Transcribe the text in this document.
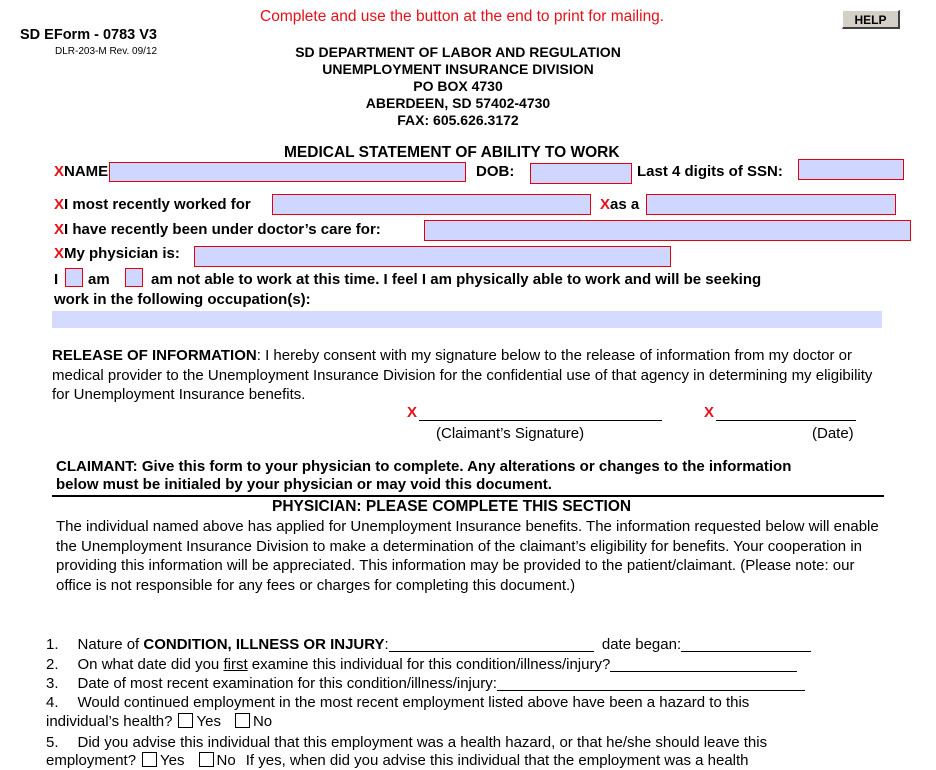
Complete and use the button at the end to print for mailing.	HELP
SD EForm - 0783 V3
DLR-203-M Rev. 09/12	SD DEPARTMENT OF LABOR AND REGULATION
UNEMPLOYMENT INSURANCE DIVISION
PO BOX 4730
ABERDEEN, SD 57402-4730
FAX: 605.626.3172
MEDICAL STATEMENT OF ABILITY TO WORK
XNAME	DOB:	Last 4 digits of SSN:
XI most recently worked for	Xas a
XI have recently been under doctor’s care for:
XMy physician is:
I am	am not able to work at this time. I feel I am physically able to work and will be seeking
work in the following occupation(s):
RELEASE OF INFORMATION: I hereby consent with my signature below to the release of information from my doctor or medical provider to the Unemployment Insurance Division for the confidential use of that agency in determining my eligibility for Unemployment Insurance benefits.
X
(Claimant’s Signature)
X
(Date)
CLAIMANT: Give this form to your physician to complete. Any alterations or changes to the information below must be initialed by your physician or may void this document.
PHYSICIAN: PLEASE COMPLETE THIS SECTION
The individual named above has applied for Unemployment Insurance benefits. The information requested below will enable the Unemployment Insurance Division to make a determination of the claimant’s eligibility for benefits. Your cooperation in providing this information will be appreciated. This information may be provided to the patient/claimant. (Please note: our office is not responsible for any fees or charges for completing this document.)
1. Nature of CONDITION, ILLNESS OR INJURY:	date began:
2. On what date did you first examine this individual for this condition/illness/injury?
3. Date of most recent examination for this condition/illness/injury:
4. Would continued employment in the most recent employment listed above have been a hazard to this
individual’s health? Yes No
5. Did you advise this individual that this employment was a health hazard, or that he/she should leave this
employment? Yes No If yes, when did you advise this individual that the employment was a health
